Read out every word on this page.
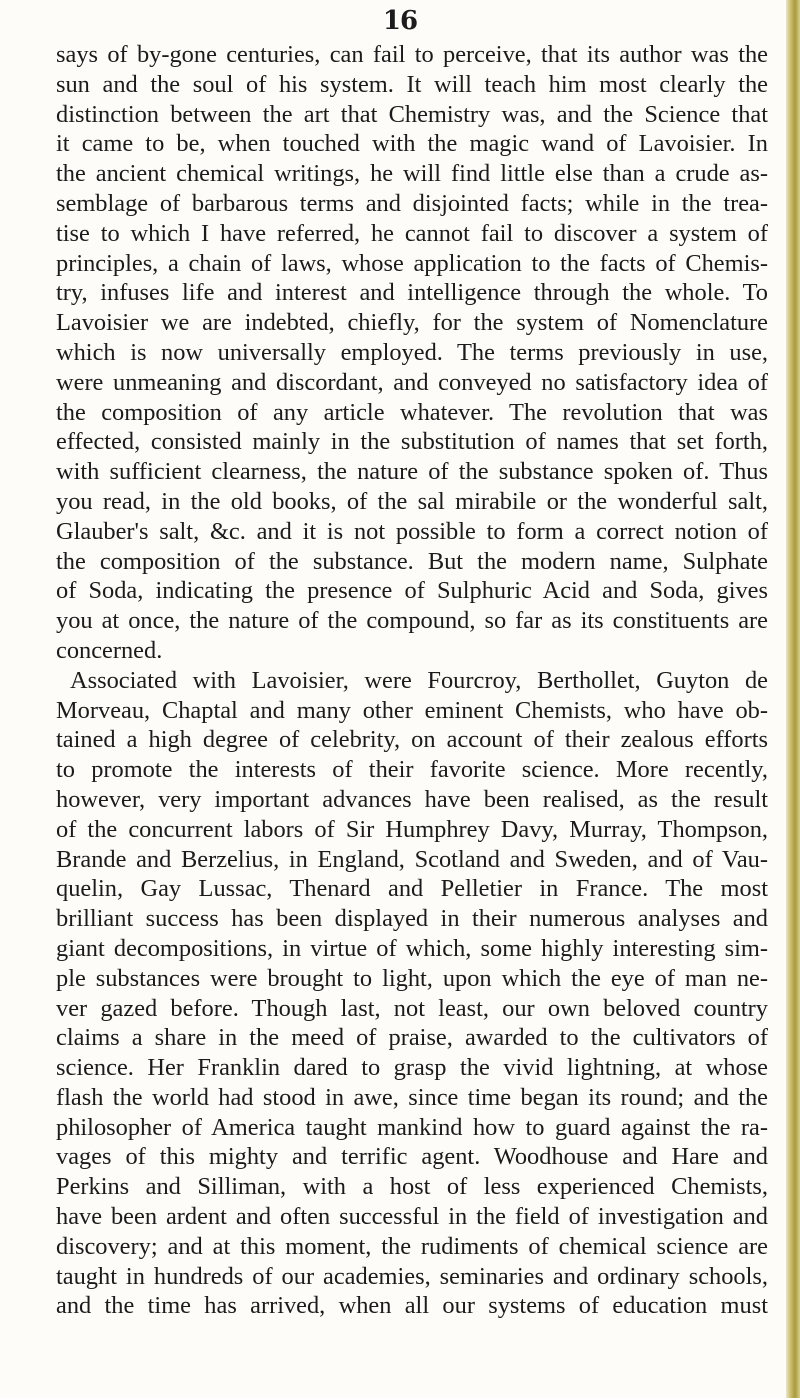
16

says of by-gone centuries, can fail to perceive, that its author was the
sun and the soul of his system. It will teach him most clearly the
distinction between the art that Chemistry was, and the Science that
it came to be, when touched with the magic wand of Lavoisier. In
the ancient chemical writings, he will find little else than a crude as-
semblage of barbarous terms and disjointed facts; while in the trea-
tise to which I have referred, he cannot fail to discover a system of
principles, a chain of laws, whose application to the facts of Chemis-
try, infuses life and interest and intelligence through the whole. To
Lavoisier we are indebted, chiefly, for the system of Nomenclature
which is now universally employed. The terms previously in use,
were unmeaning and discordant, and conveyed no satisfactory idea of
the composition of any article whatever. The revolution that was
effected, consisted mainly in the substitution of names that set forth,
with sufficient clearness, the nature of the substance spoken of. Thus
you read, in the old books, of the sal mirabile or the wonderful salt,
Glauber's salt, &c. and it is not possible to form a correct notion of
the composition of the substance. But the modern name, Sulphate
of Soda, indicating the presence of Sulphuric Acid and Soda, gives
you at once, the nature of the compound, so far as its constituents are
concerned.

Associated with Lavoisier, were Fourcroy, Berthollet, Guyton de
Morveau, Chaptal and many other eminent Chemists, who have ob-
tained a high degree of celebrity, on account of their zealous efforts
to promote the interests of their favorite science. More recently,
however, very important advances have been realised, as the result
of the concurrent labors of Sir Humphrey Davy, Murray, Thompson,
Brande and Berzelius, in England, Scotland and Sweden, and of Vau-
quelin, Gay Lussac, Thenard and Pelletier in France. The most
brilliant success has been displayed in their numerous analyses and
giant decompositions, in virtue of which, some highly interesting sim-
ple substances were brought to light, upon which the eye of man ne-
ver gazed before. Though last, not least, our own beloved country
claims a share in the meed of praise, awarded to the cultivators of
science. Her Franklin dared to grasp the vivid lightning, at whose
flash the world had stood in awe, since time began its round; and the
philosopher of America taught mankind how to guard against the ra-
vages of this mighty and terrific agent. Woodhouse and Hare and
Perkins and Silliman, with a host of less experienced Chemists,
have been ardent and often successful in the field of investigation and
discovery; and at this moment, the rudiments of chemical science are
taught in hundreds of our academies, seminaries and ordinary schools,
and the time has arrived, when all our systems of education must
